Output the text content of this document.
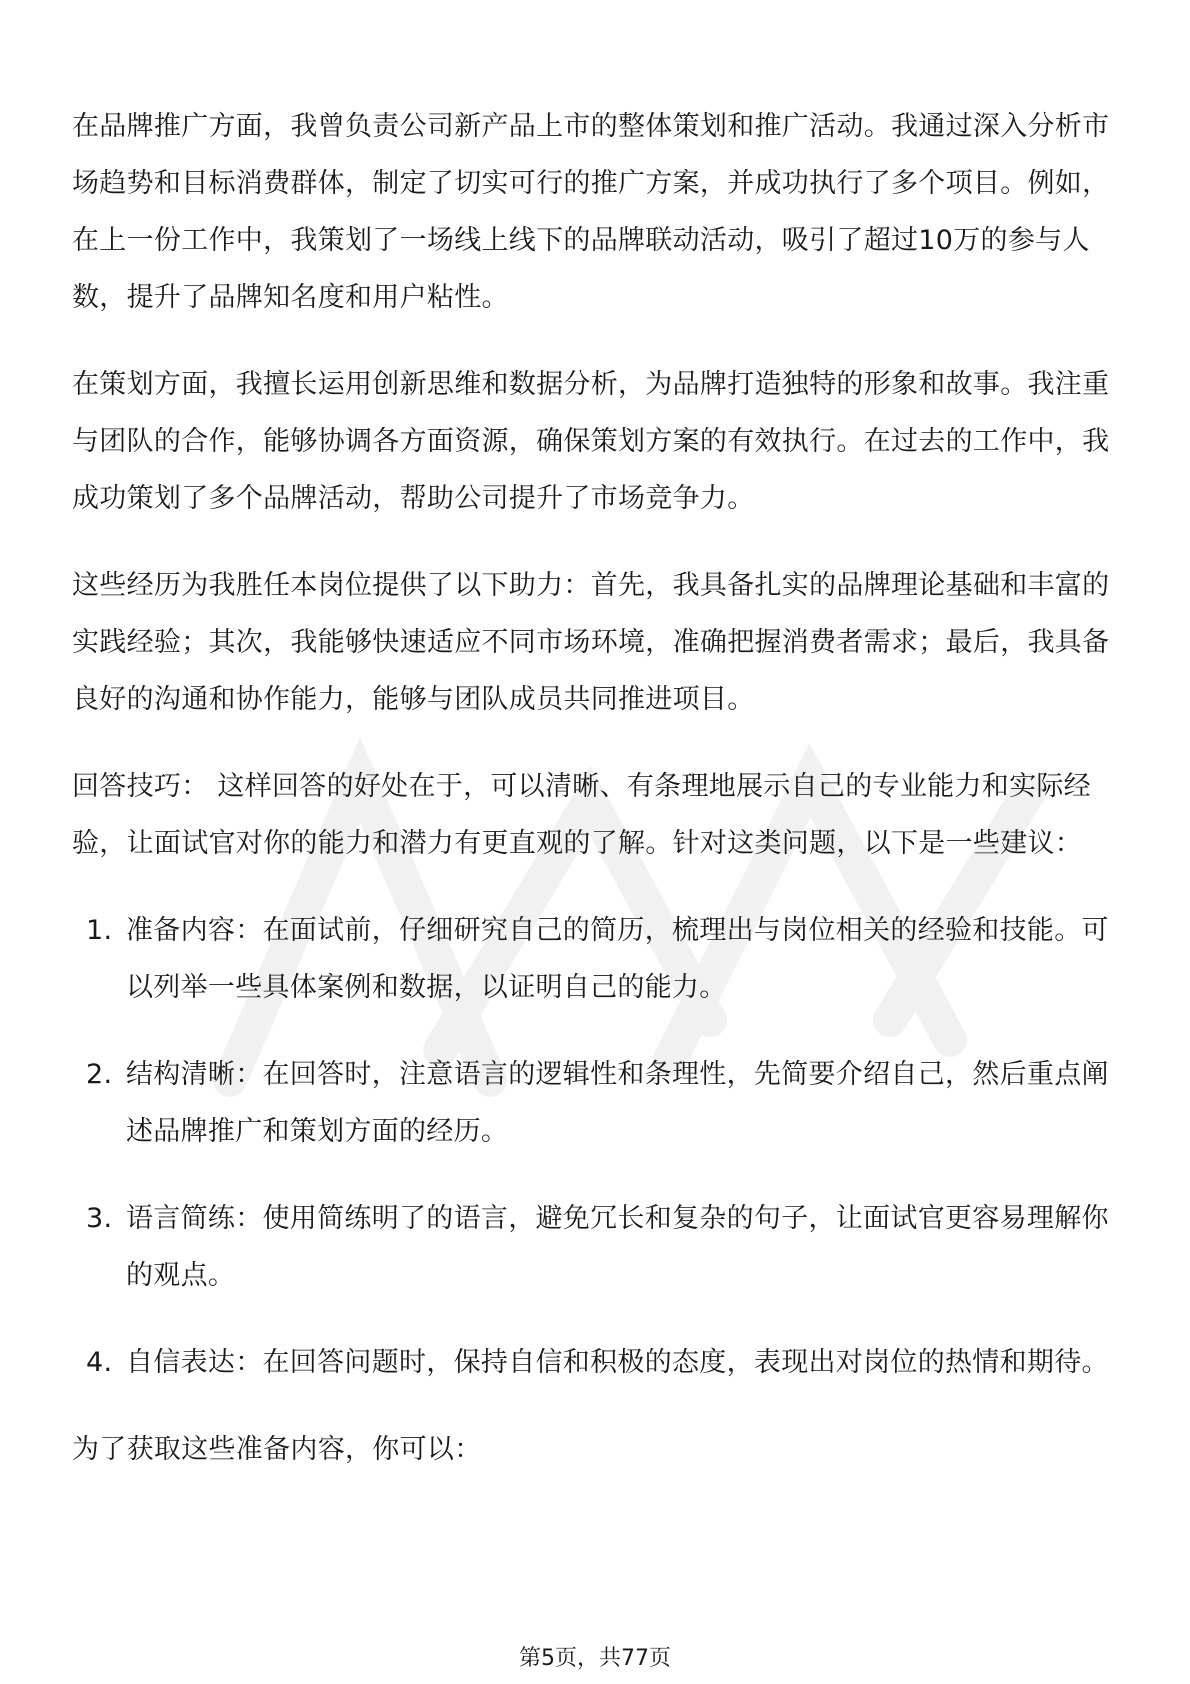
在品牌推广方面，我曾负责公司新产品上市的整体策划和推广活动。我通过深入分析市场趋势和目标消费群体，制定了切实可行的推广方案，并成功执行了多个项目。例如，在上一份工作中，我策划了一场线上线下的品牌联动活动，吸引了超过10万的参与人数，提升了品牌知名度和用户粘性。

在策划方面，我擅长运用创新思维和数据分析，为品牌打造独特的形象和故事。我注重与团队的合作，能够协调各方面资源，确保策划方案的有效执行。在过去的工作中，我成功策划了多个品牌活动，帮助公司提升了市场竞争力。

这些经历为我胜任本岗位提供了以下助力：首先，我具备扎实的品牌理论基础和丰富的实践经验；其次，我能够快速适应不同市场环境，准确把握消费者需求；最后，我具备良好的沟通和协作能力，能够与团队成员共同推进项目。

回答技巧： 这样回答的好处在于，可以清晰、有条理地展示自己的专业能力和实际经验，让面试官对你的能力和潜力有更直观的了解。针对这类问题，以下是一些建议：

1. 准备内容：在面试前，仔细研究自己的简历，梳理出与岗位相关的经验和技能。可以列举一些具体案例和数据，以证明自己的能力。
2. 结构清晰：在回答时，注意语言的逻辑性和条理性，先简要介绍自己，然后重点阐述品牌推广和策划方面的经历。
3. 语言简练：使用简练明了的语言，避免冗长和复杂的句子，让面试官更容易理解你的观点。
4. 自信表达：在回答问题时，保持自信和积极的态度，表现出对岗位的热情和期待。

为了获取这些准备内容，你可以：

第5页，共77页
